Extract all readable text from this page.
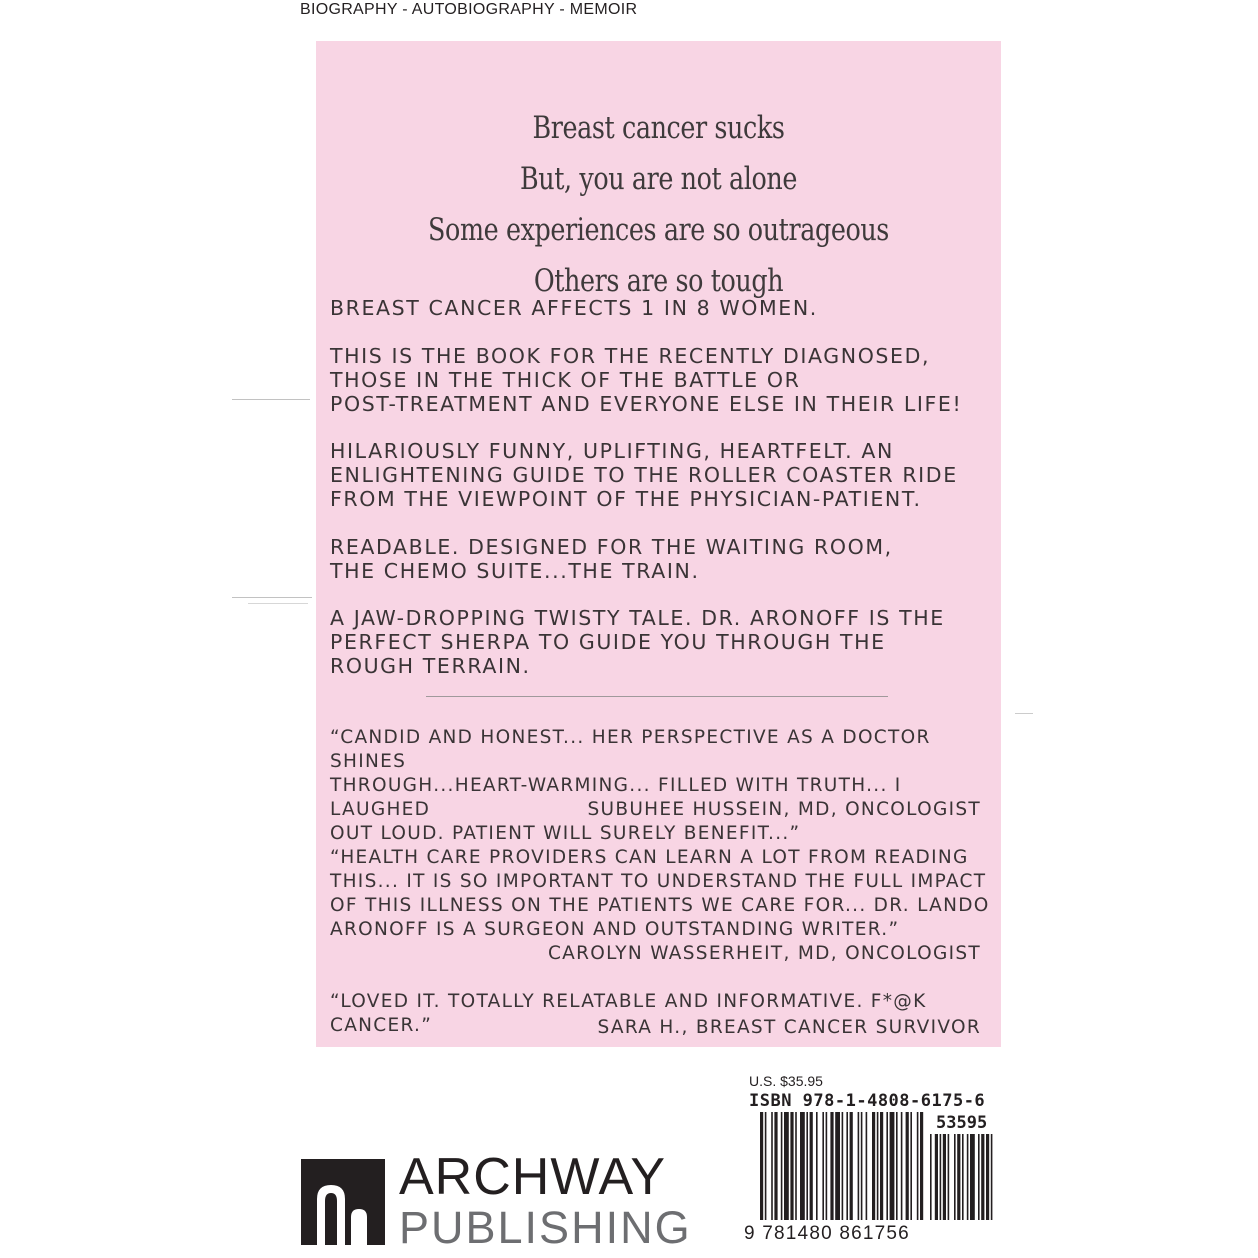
BIOGRAPHY - AUTOBIOGRAPHY - MEMOIR
Breast cancer sucks
But, you are not alone
Some experiences are so outrageous
Others are so tough
BREAST CANCER AFFECTS 1 IN 8 WOMEN.
THIS IS THE BOOK FOR THE RECENTLY DIAGNOSED,
THOSE IN THE THICK OF THE BATTLE OR
POST-TREATMENT AND EVERYONE ELSE IN THEIR LIFE!
HILARIOUSLY FUNNY, UPLIFTING, HEARTFELT. AN
ENLIGHTENING GUIDE TO THE ROLLER COASTER RIDE
FROM THE VIEWPOINT OF THE PHYSICIAN-PATIENT.
READABLE. DESIGNED FOR THE WAITING ROOM,
THE CHEMO SUITE...THE TRAIN.
A JAW-DROPPING TWISTY TALE. DR. ARONOFF IS THE
PERFECT SHERPA TO GUIDE YOU THROUGH THE
ROUGH TERRAIN.
“CANDID AND HONEST... HER PERSPECTIVE AS A DOCTOR SHINES
THROUGH...HEART-WARMING... FILLED WITH TRUTH... I LAUGHED
OUT LOUD. PATIENT WILL SURELY BENEFIT...”
SUBUHEE HUSSEIN, MD, ONCOLOGIST
“HEALTH CARE PROVIDERS CAN LEARN A LOT FROM READING
THIS... IT IS SO IMPORTANT TO UNDERSTAND THE FULL IMPACT
OF THIS ILLNESS ON THE PATIENTS WE CARE FOR... DR. LANDO
ARONOFF IS A SURGEON AND OUTSTANDING WRITER.”
CAROLYN WASSERHEIT, MD, ONCOLOGIST
“LOVED IT. TOTALLY RELATABLE AND INFORMATIVE. F*@K CANCER.”	SARA H., BREAST CANCER SURVIVOR
ARCHWAY
PUBLISHING
U.S. $35.95
ISBN 978-1-4808-6175-6
53595
9 781480 861756
